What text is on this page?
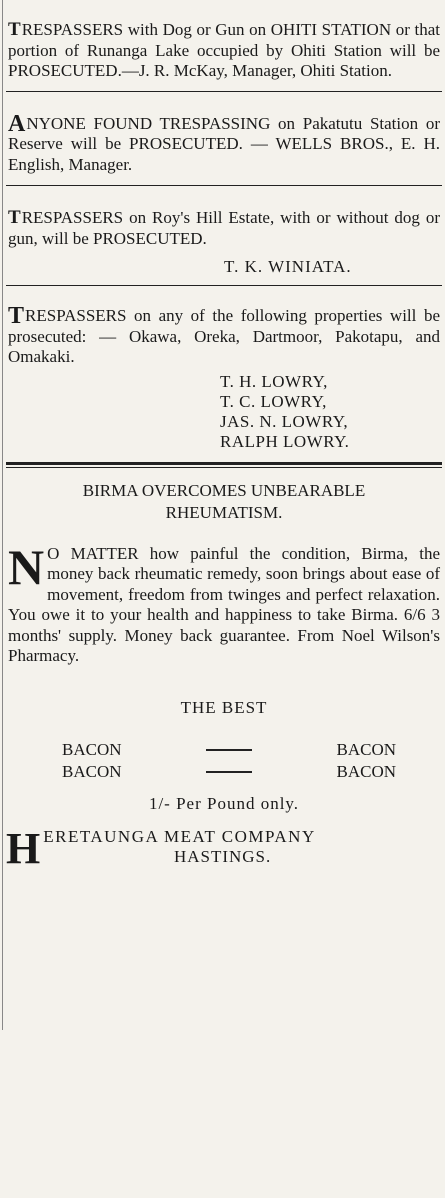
T RESPASSERS with Dog or Gun on OHITI STATION or that portion of Runanga Lake occupied by Ohiti Station will be PROSECUTED.—J. R. McKay, Manager, Ohiti Station.

A NYONE FOUND TRESPASSING on Pakatutu Station or Reserve will be PROSECUTED. — WELLS BROS., E. H. English, Manager.

T RESPASSERS on Roy's Hill Estate, with or without dog or gun, will be PROSECUTED.

T. K. WINIATA.

T RESPASSERS on any of the following properties will be prosecuted: — Okawa, Oreka, Dartmoor, Pakotapu, and Omakaki.

T. H. LOWRY,
T. C. LOWRY,
JAS. N. LOWRY,
RALPH LOWRY.
BIRMA OVERCOMES UNBEARABLE
RHEUMATISM.

N O MATTER how painful the condition, Birma, the money back rheumatic remedy, soon brings about ease of movement, freedom from twinges and perfect relaxation. You owe it to your health and happiness to take Birma. 6/6 3 months' supply. Money back guarantee. From Noel Wilson's Pharmacy.

THE BEST
BACON	BACON
BACON	BACON
1/- Per Pound only.
H ERETAUNGA MEAT COMPANY
HASTINGS.
